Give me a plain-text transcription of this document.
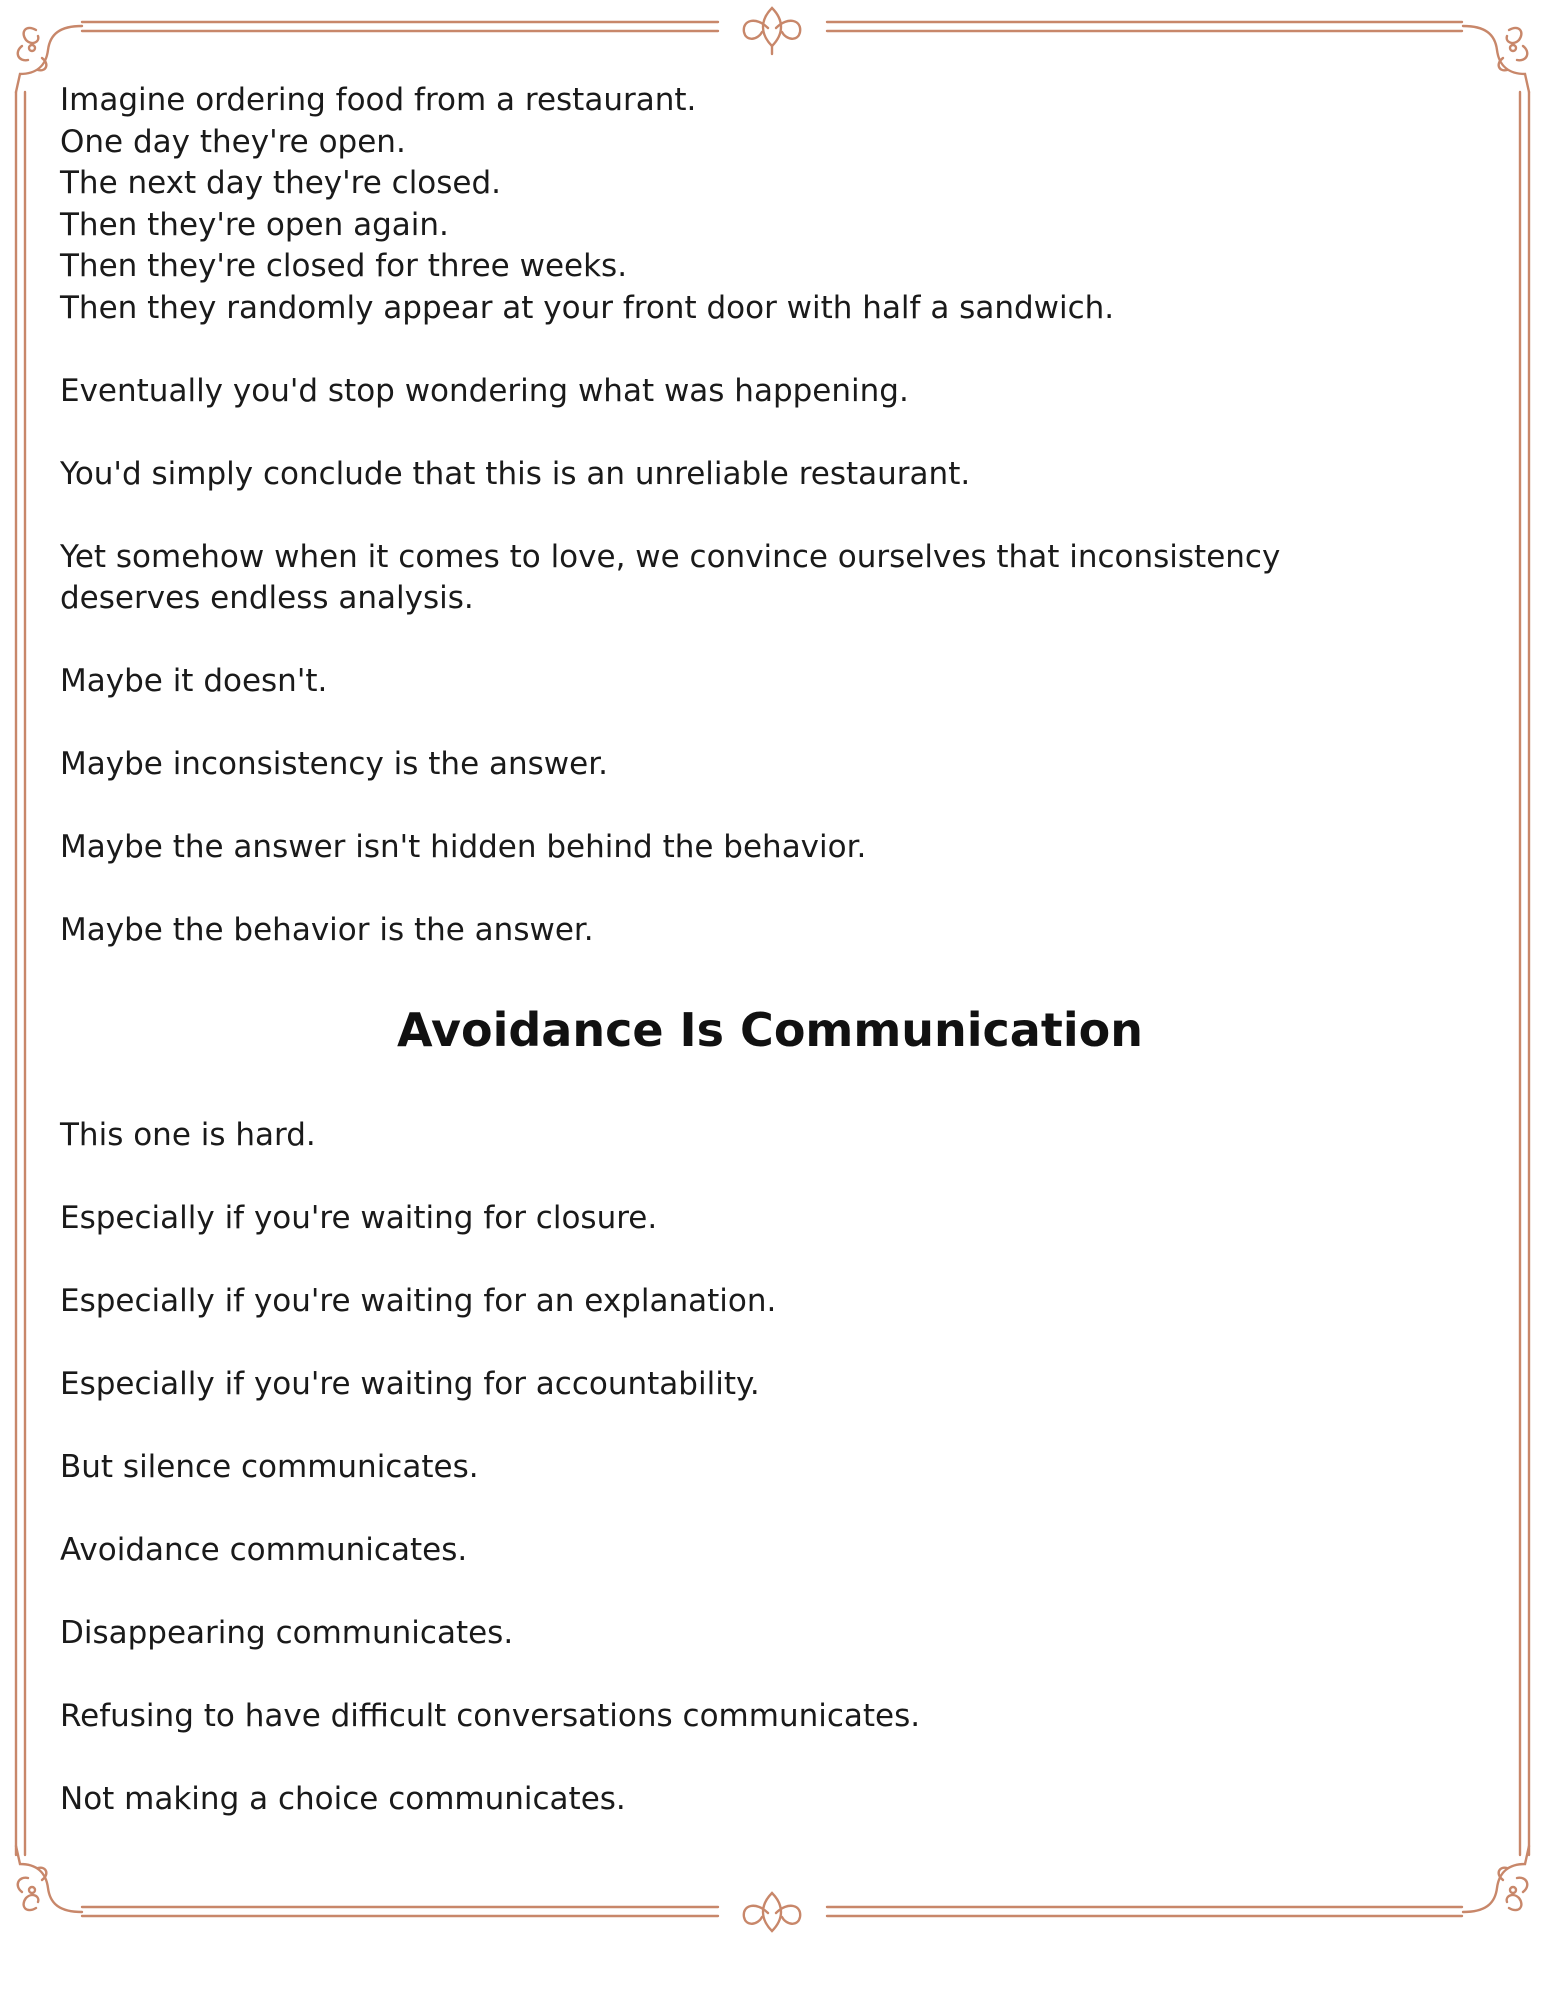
Imagine ordering food from a restaurant.

One day they're open.

The next day they're closed.

Then they're open again.

Then they're closed for three weeks.

Then they randomly appear at your front door with half a sandwich.

Eventually you'd stop wondering what was happening.

You'd simply conclude that this is an unreliable restaurant.

Yet somehow when it comes to love, we convince ourselves that inconsistency deserves endless analysis.

Maybe it doesn't.

Maybe inconsistency is the answer.

Maybe the answer isn't hidden behind the behavior.

Maybe the behavior is the answer.

Avoidance Is Communication

This one is hard.

Especially if you're waiting for closure.

Especially if you're waiting for an explanation.

Especially if you're waiting for accountability.

But silence communicates.

Avoidance communicates.

Disappearing communicates.

Refusing to have difficult conversations communicates.

Not making a choice communicates.
